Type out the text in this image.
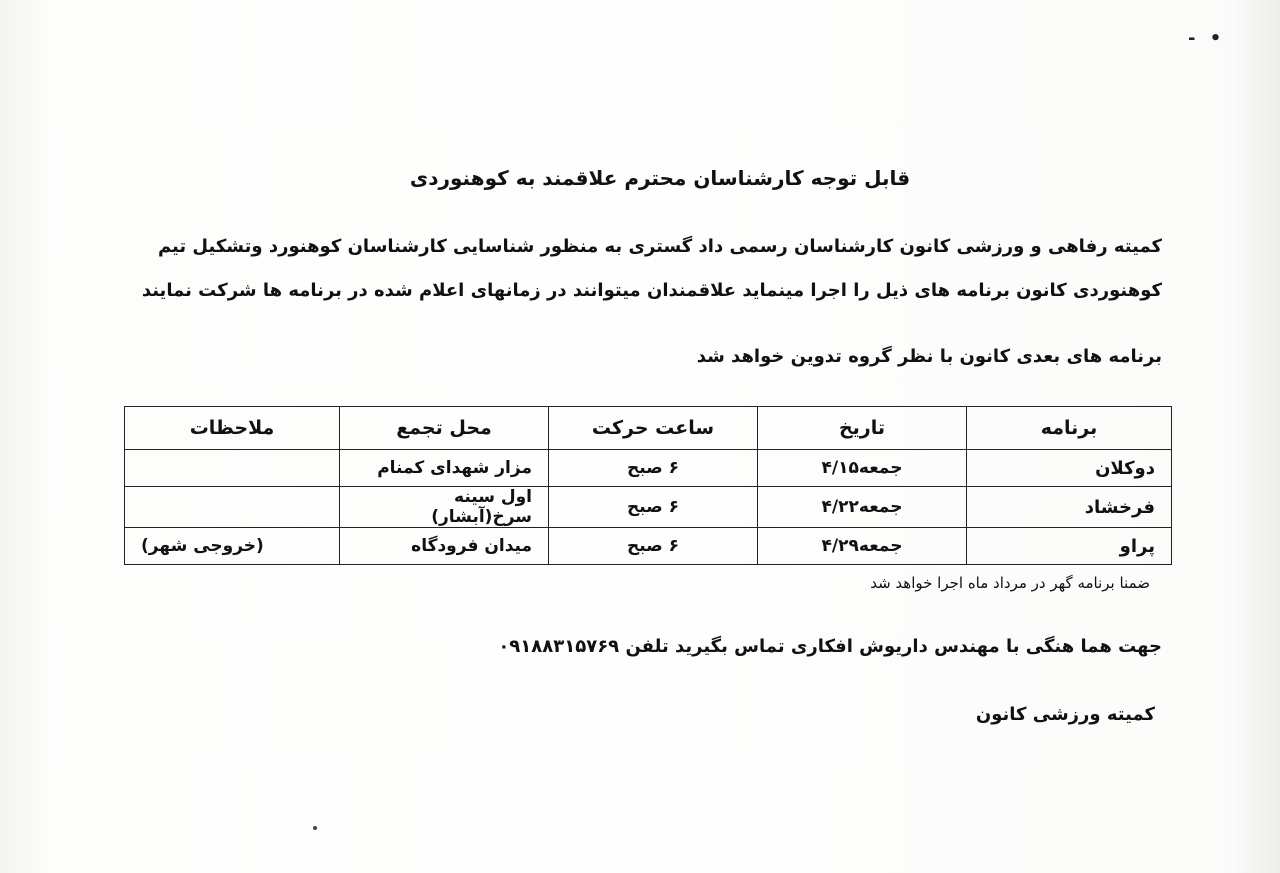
• -
قابل توجه کارشناسان محترم علاقمند به کوهنوردی
کمیته رفاهی و ورزشی کانون کارشناسان رسمی داد گستری به منظور شناسایی کارشناسان کوهنورد وتشکیل تیم
کوهنوردی کانون برنامه های ذیل را اجرا مینماید علاقمندان میتوانند در زمانهای اعلام شده در برنامه ها شرکت نمایند
برنامه های بعدی کانون با نظر گروه تدوین خواهد شد
برنامه	تاریخ	ساعت حرکت	محل تجمع	ملاحظات
دوکلان	جمعه۴/۱۵	۶ صبح	مزار شهدای کمنام	
فرخشاد	جمعه۴/۲۲	۶ صبح	اول سینه سرخ(آبشار)	
پراو	جمعه۴/۲۹	۶ صبح	میدان فرودگاه	(خروجی شهر)
ضمنا برنامه گهر در مرداد ماه اجرا خواهد شد
جهت هما هنگی با مهندس داریوش افکاری تماس بگیرید تلفن ۰۹۱۸۸۳۱۵۷۶۹
کمیته ورزشی کانون
